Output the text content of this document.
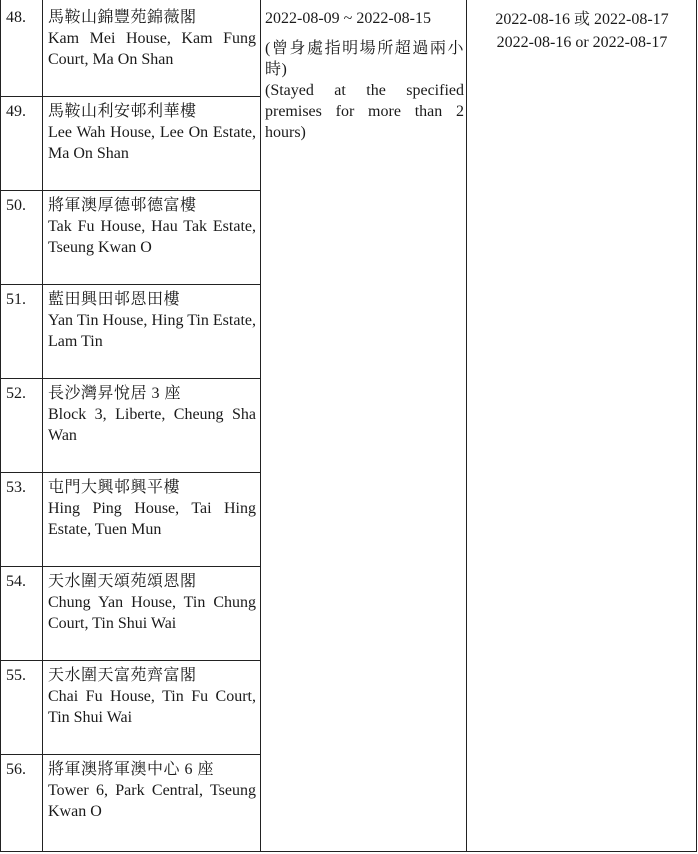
48. 馬鞍山錦豐苑錦薇閣
Kam Mei House, Kam Fung Court, Ma On Shan
49. 馬鞍山利安邨利華樓
Lee Wah House, Lee On Estate, Ma On Shan
50. 將軍澳厚德邨德富樓
Tak Fu House, Hau Tak Estate, Tseung Kwan O
51. 藍田興田邨恩田樓
Yan Tin House, Hing Tin Estate, Lam Tin
52. 長沙灣昇悅居 3 座
Block 3, Liberte, Cheung Sha Wan
53. 屯門大興邨興平樓
Hing Ping House, Tai Hing Estate, Tuen Mun
54. 天水圍天頌苑頌恩閣
Chung Yan House, Tin Chung Court, Tin Shui Wai
55. 天水圍天富苑齊富閣
Chai Fu House, Tin Fu Court, Tin Shui Wai
56. 將軍澳將軍澳中心 6 座
Tower 6, Park Central, Tseung Kwan O
2022-08-09 ~ 2022-08-15
(曾身處指明場所超過兩小時)
(Stayed at the specified premises for more than 2 hours)
2022-08-16 或 2022-08-17
2022-08-16 or 2022-08-17
